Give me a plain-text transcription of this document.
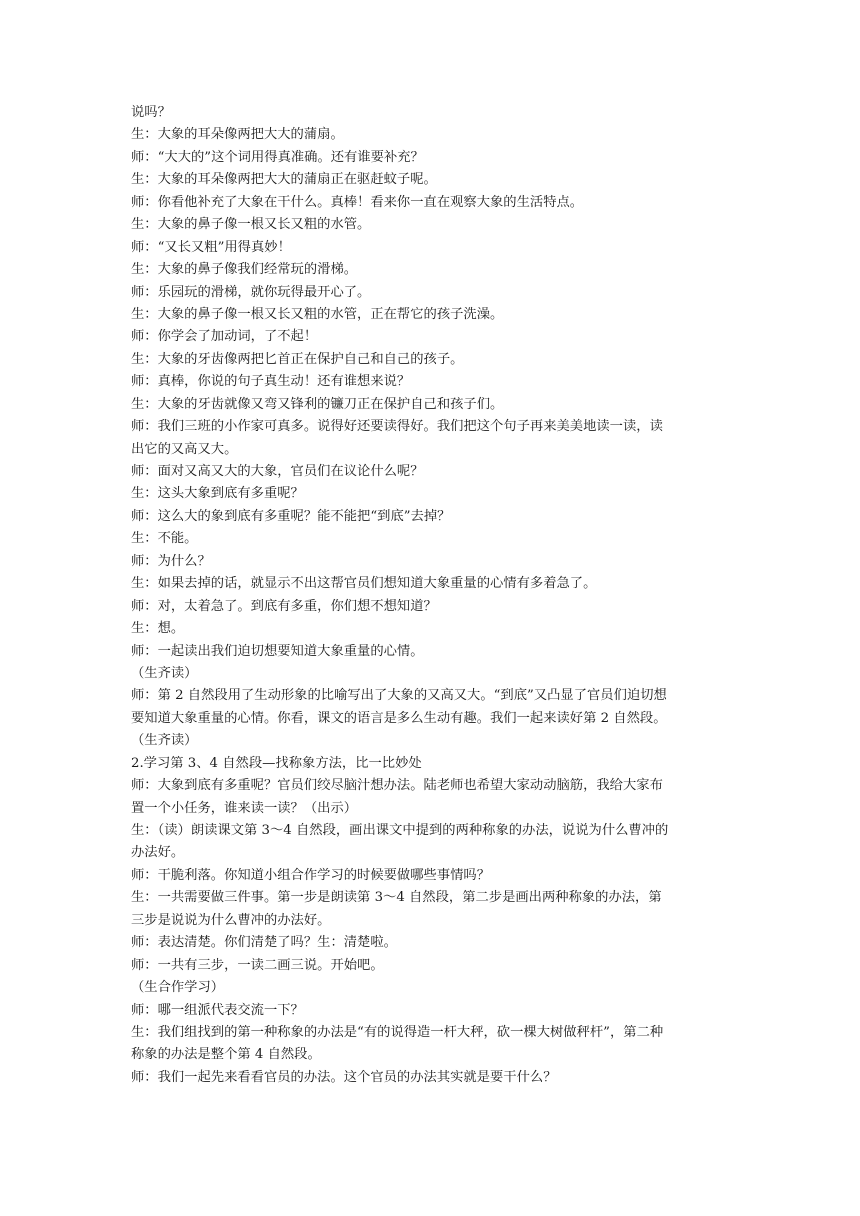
说吗？
生：大象的耳朵像两把大大的蒲扇。
师：“大大的”这个词用得真准确。还有谁要补充？
生：大象的耳朵像两把大大的蒲扇正在驱赶蚊子呢。
师：你看他补充了大象在干什么。真棒！看来你一直在观察大象的生活特点。
生：大象的鼻子像一根又长又粗的水管。
师：“又长又粗”用得真妙！
生：大象的鼻子像我们经常玩的滑梯。
师：乐园玩的滑梯，就你玩得最开心了。
生：大象的鼻子像一根又长又粗的水管，正在帮它的孩子洗澡。
师：你学会了加动词，了不起！
生：大象的牙齿像两把匕首正在保护自己和自己的孩子。
师：真棒，你说的句子真生动！还有谁想来说？
生：大象的牙齿就像又弯又锋利的镰刀正在保护自己和孩子们。
师：我们三班的小作家可真多。说得好还要读得好。我们把这个句子再来美美地读一读，读
出它的又高又大。
师：面对又高又大的大象，官员们在议论什么呢？
生：这头大象到底有多重呢？
师：这么大的象到底有多重呢？能不能把“到底”去掉？
生：不能。
师：为什么？
生：如果去掉的话，就显示不出这帮官员们想知道大象重量的心情有多着急了。
师：对，太着急了。到底有多重，你们想不想知道？
生：想。
师：一起读出我们迫切想要知道大象重量的心情。
（生齐读）
师：第 2 自然段用了生动形象的比喻写出了大象的又高又大。“到底”又凸显了官员们迫切想
要知道大象重量的心情。你看，课文的语言是多么生动有趣。我们一起来读好第 2 自然段。
（生齐读）
2.学习第 3、4 自然段—找称象方法，比一比妙处
师：大象到底有多重呢？官员们绞尽脑汁想办法。陆老师也希望大家动动脑筋，我给大家布
置一个小任务，谁来读一读？（出示）
生：（读）朗读课文第 3～4 自然段，画出课文中提到的两种称象的办法，说说为什么曹冲的
办法好。
师：干脆利落。你知道小组合作学习的时候要做哪些事情吗？
生：一共需要做三件事。第一步是朗读第 3～4 自然段，第二步是画出两种称象的办法，第
三步是说说为什么曹冲的办法好。
师：表达清楚。你们清楚了吗？生：清楚啦。
师：一共有三步，一读二画三说。开始吧。
（生合作学习）
师：哪一组派代表交流一下？
生：我们组找到的第一种称象的办法是“有的说得造一杆大秤，砍一棵大树做秤杆”，第二种
称象的办法是整个第 4 自然段。
师：我们一起先来看看官员的办法。这个官员的办法其实就是要干什么？
